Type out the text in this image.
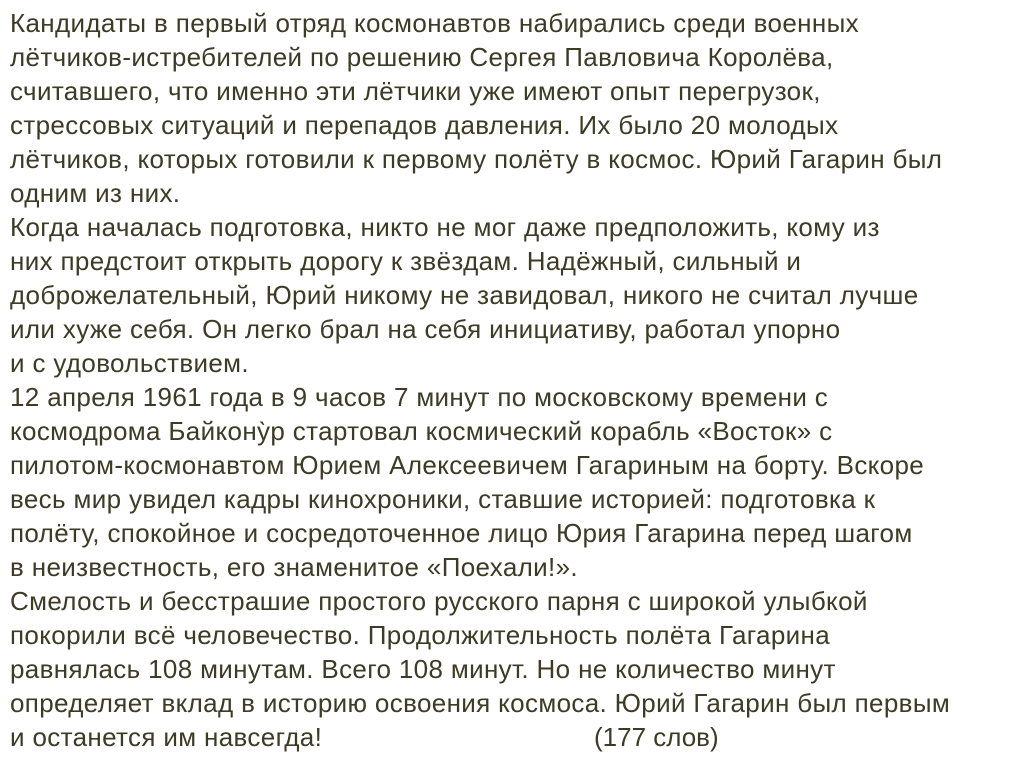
Кандидаты в первый отряд космонавтов набирались среди военных
лётчиков-истребителей по решению Сергея Павловича Королёва,
считавшего, что именно эти лётчики уже имеют опыт перегрузок,
стрессовых ситуаций и перепадов давления. Их было 20 молодых
лётчиков, которых готовили к первому полёту в космос. Юрий Гагарин был
одним из них.
Когда началась подготовка, никто не мог даже предположить, кому из
них предстоит открыть дорогу к звёздам. Надёжный, сильный и
доброжелательный, Юрий никому не завидовал, никого не считал лучше
или хуже себя. Он легко брал на себя инициативу, работал упорно
и с удовольствием.
12 апреля 1961 года в 9 часов 7 минут по московскому времени с
космодрома Байкону̀р стартовал космический корабль «Восток» с
пилотом-космонавтом Юрием Алексеевичем Гагариным на борту. Вскоре
весь мир увидел кадры кинохроники, ставшие историей: подготовка к
полёту, спокойное и сосредоточенное лицо Юрия Гагарина перед шагом
в неизвестность, его знаменитое «Поехали!».
Смелость и бесстрашие простого русского парня с широкой улыбкой
покорили всё человечество. Продолжительность полёта Гагарина
равнялась 108 минутам. Всего 108 минут. Но не количество минут
определяет вклад в историю освоения космоса. Юрий Гагарин был первым
и останется им навсегда!	(177 слов)
